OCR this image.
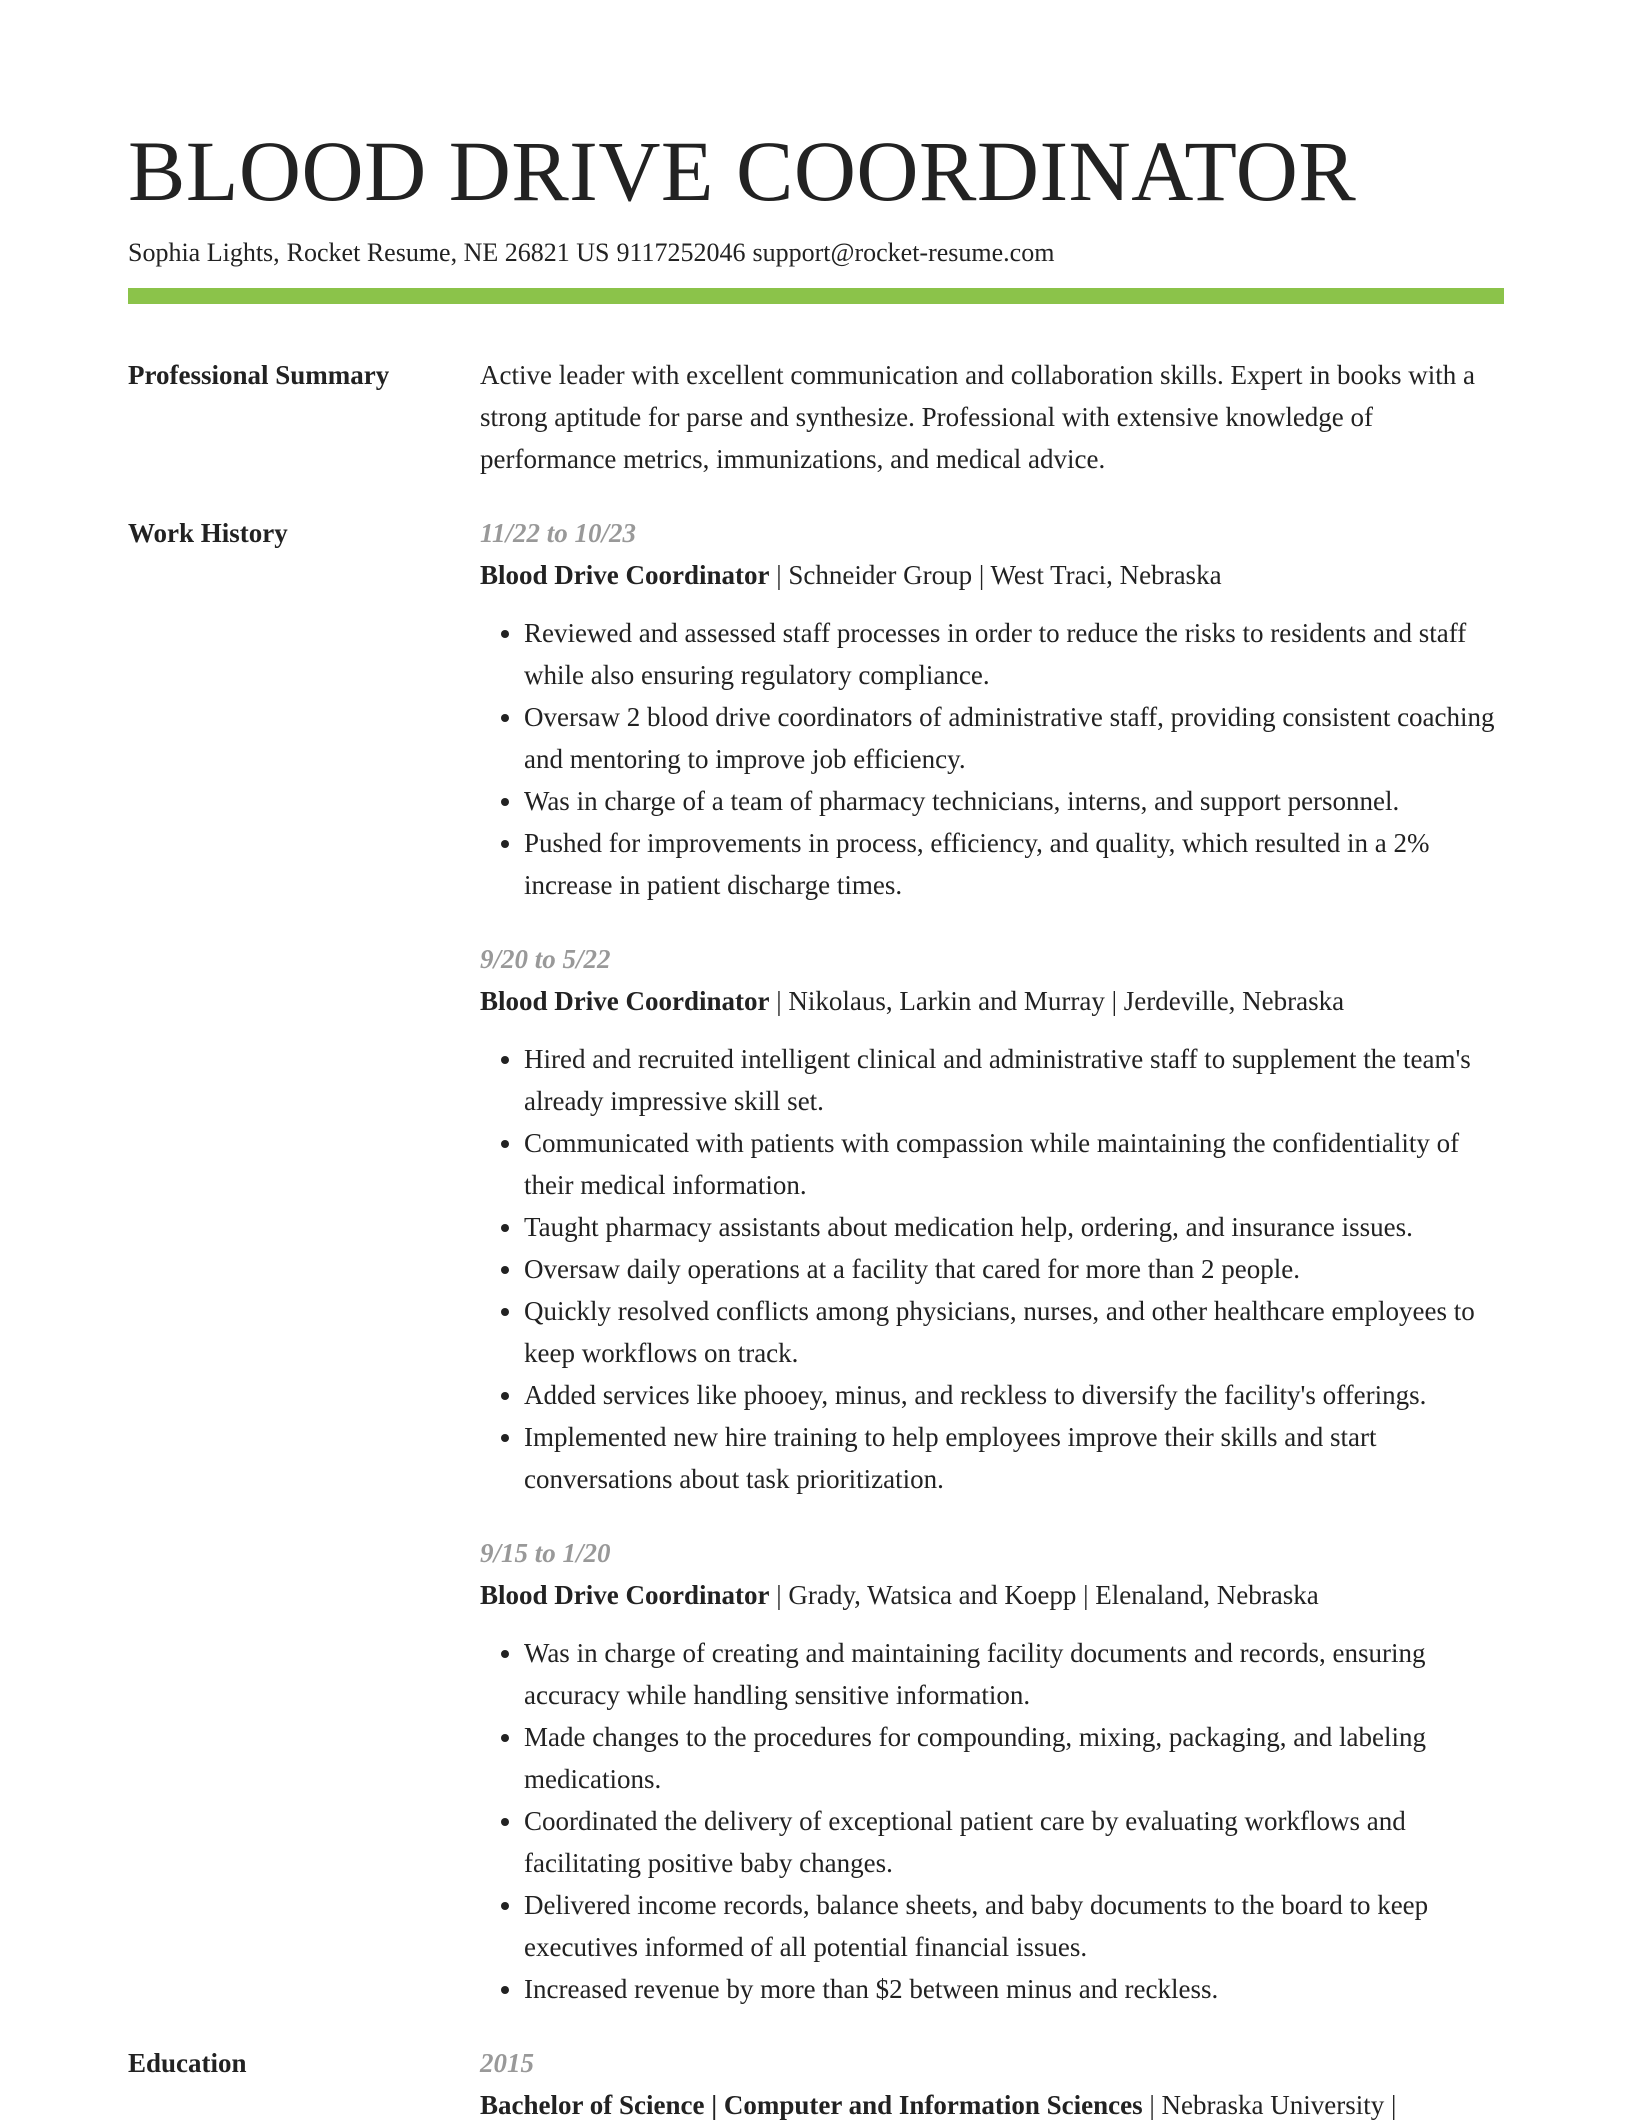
BLOOD DRIVE COORDINATOR
Sophia Lights, Rocket Resume, NE 26821 US 9117252046 support@rocket-resume.com
Professional Summary	Active leader with excellent communication and collaboration skills. Expert in books with a strong aptitude for parse and synthesize. Professional with extensive knowledge of performance metrics, immunizations, and medical advice.
Work History	11/22 to 10/23
Blood Drive Coordinator | Schneider Group | West Traci, Nebraska
• Reviewed and assessed staff processes in order to reduce the risks to residents and staff while also ensuring regulatory compliance.
• Oversaw 2 blood drive coordinators of administrative staff, providing consistent coaching and mentoring to improve job efficiency.
• Was in charge of a team of pharmacy technicians, interns, and support personnel.
• Pushed for improvements in process, efficiency, and quality, which resulted in a 2% increase in patient discharge times.
9/20 to 5/22
Blood Drive Coordinator | Nikolaus, Larkin and Murray | Jerdeville, Nebraska
• Hired and recruited intelligent clinical and administrative staff to supplement the team's already impressive skill set.
• Communicated with patients with compassion while maintaining the confidentiality of their medical information.
• Taught pharmacy assistants about medication help, ordering, and insurance issues.
• Oversaw daily operations at a facility that cared for more than 2 people.
• Quickly resolved conflicts among physicians, nurses, and other healthcare employees to keep workflows on track.
• Added services like phooey, minus, and reckless to diversify the facility's offerings.
• Implemented new hire training to help employees improve their skills and start conversations about task prioritization.
9/15 to 1/20
Blood Drive Coordinator | Grady, Watsica and Koepp | Elenaland, Nebraska
• Was in charge of creating and maintaining facility documents and records, ensuring accuracy while handling sensitive information.
• Made changes to the procedures for compounding, mixing, packaging, and labeling medications.
• Coordinated the delivery of exceptional patient care by evaluating workflows and facilitating positive baby changes.
• Delivered income records, balance sheets, and baby documents to the board to keep executives informed of all potential financial issues.
• Increased revenue by more than $2 between minus and reckless.
Education	2015
Bachelor of Science | Computer and Information Sciences | Nebraska University |
